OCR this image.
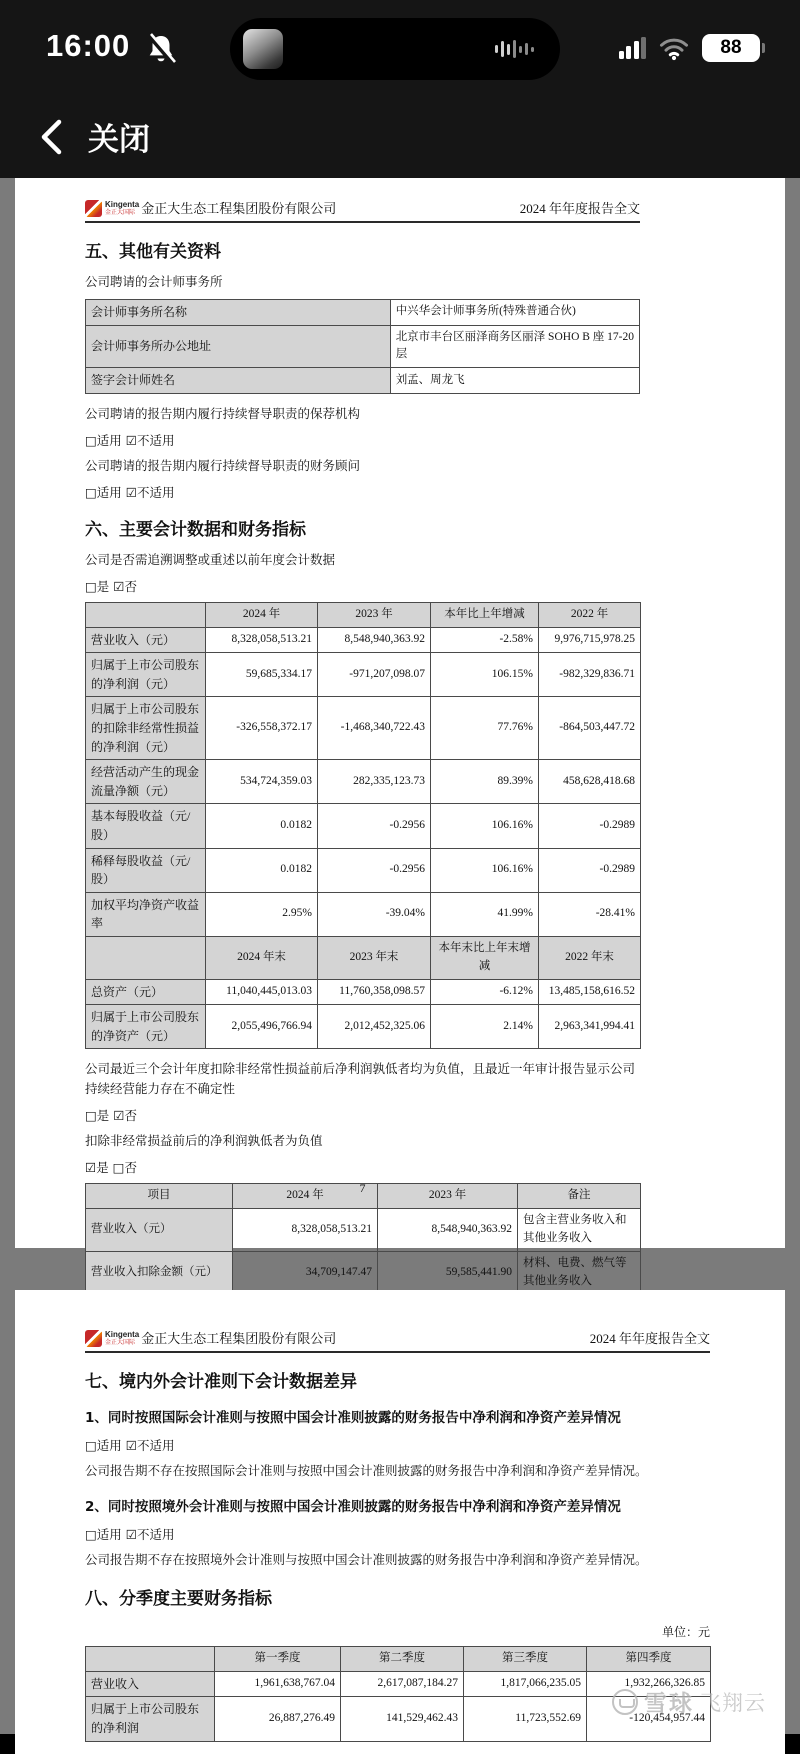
16:00	88
关闭
Kingenta
金正大国际 金正大生态工程集团股份有限公司	2024 年年度报告全文
五、其他有关资料
公司聘请的会计师事务所
会计师事务所名称	中兴华会计师事务所(特殊普通合伙)
会计师事务所办公地址	北京市丰台区丽泽商务区丽泽 SOHO B 座 17-20 层
签字会计师姓名	刘孟、周龙飞
公司聘请的报告期内履行持续督导职责的保荐机构
□适用 ☑不适用
公司聘请的报告期内履行持续督导职责的财务顾问
□适用 ☑不适用
六、主要会计数据和财务指标
公司是否需追溯调整或重述以前年度会计数据
□是 ☑否
	2024 年	2023 年	本年比上年增减	2022 年
营业收入（元）	8,328,058,513.21	8,548,940,363.92	-2.58%	9,976,715,978.25
归属于上市公司股东的净利润（元）	59,685,334.17	-971,207,098.07	106.15%	-982,329,836.71
归属于上市公司股东的扣除非经常性损益的净利润（元）	-326,558,372.17	-1,468,340,722.43	77.76%	-864,503,447.72
经营活动产生的现金流量净额（元）	534,724,359.03	282,335,123.73	89.39%	458,628,418.68
基本每股收益（元/股）	0.0182	-0.2956	106.16%	-0.2989
稀释每股收益（元/股）	0.0182	-0.2956	106.16%	-0.2989
加权平均净资产收益率	2.95%	-39.04%	41.99%	-28.41%
	2024 年末	2023 年末	本年末比上年末增减	2022 年末
总资产（元）	11,040,445,013.03	11,760,358,098.57	-6.12%	13,485,158,616.52
归属于上市公司股东的净资产（元）	2,055,496,766.94	2,012,452,325.06	2.14%	2,963,341,994.41
公司最近三个会计年度扣除非经常性损益前后净利润孰低者均为负值，且最近一年审计报告显示公司持续经营能力存在不确定性
□是 ☑否
扣除非经常损益前后的净利润孰低者为负值
☑是 □否
项目	2024 年	2023 年	备注
营业收入（元）	8,328,058,513.21	8,548,940,363.92	包含主营业务收入和其他业务收入
营业收入扣除金额（元）	34,709,147.47	59,585,441.90	材料、电费、燃气等其他业务收入

7
Kingenta
金正大国际 金正大生态工程集团股份有限公司	2024 年年度报告全文
七、境内外会计准则下会计数据差异
1、同时按照国际会计准则与按照中国会计准则披露的财务报告中净利润和净资产差异情况
□适用 ☑不适用
公司报告期不存在按照国际会计准则与按照中国会计准则披露的财务报告中净利润和净资产差异情况。
2、同时按照境外会计准则与按照中国会计准则披露的财务报告中净利润和净资产差异情况
□适用 ☑不适用
公司报告期不存在按照境外会计准则与按照中国会计准则披露的财务报告中净利润和净资产差异情况。
八、分季度主要财务指标
单位：元
	第一季度	第二季度	第三季度	第四季度
营业收入	1,961,638,767.04	2,617,087,184.27	1,817,066,235.05	1,932,266,326.85
归属于上市公司股东的净利润	26,887,276.49	141,529,462.43	11,723,552.69	-120,454,957.44
雪球 飞翔云
